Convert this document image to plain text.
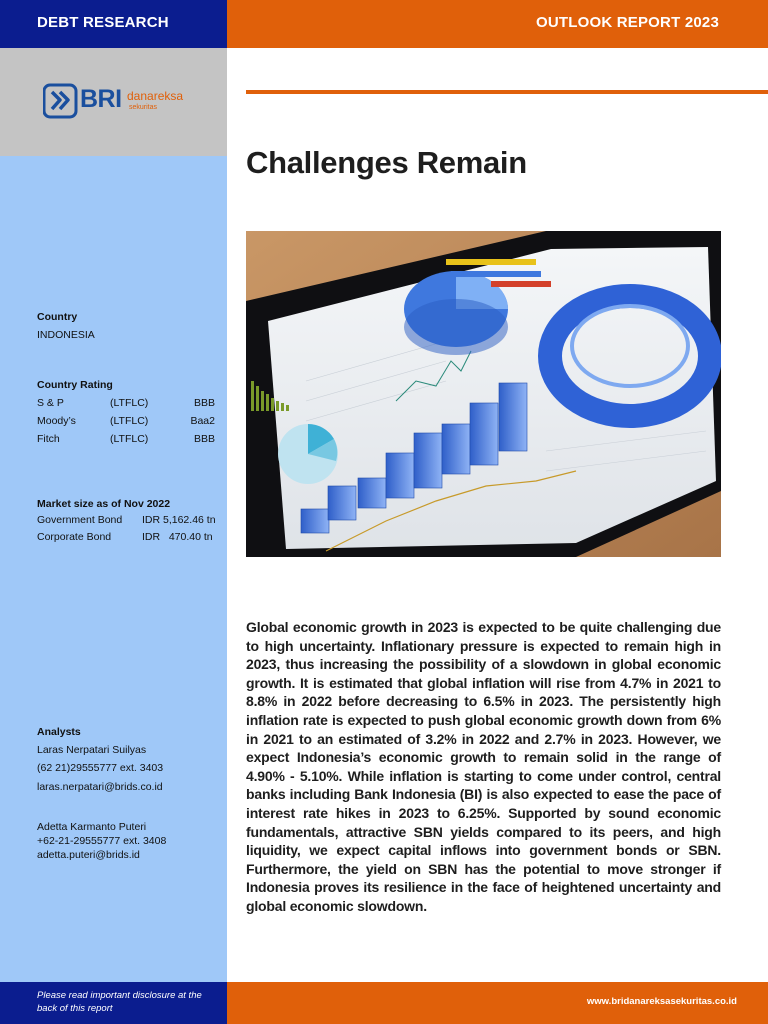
DEBT RESEARCH	OUTLOOK REPORT 2023
BRI danareksa
sekuritas
Challenges Remain
Country
INDONESIA
Country Rating
S & P	(LTFLC)	BBB
Moody’s	(LTFLC)	Baa2
Fitch	(LTFLC)	BBB
Market size as of Nov 2022
Government Bond IDR 5,162.46 tn
Corporate Bond	IDR   470.40 tn
Analysts
Laras Nerpatari Suilyas
(62 21)29555777 ext. 3403
laras.nerpatari@brids.co.id
Adetta Karmanto Puteri
+62-21-29555777 ext. 3408
adetta.puteri@brids.id
Global economic growth in 2023 is expected to be quite challenging due to high uncertainty. Inflationary pressure is expected to remain high in 2023, thus increasing the possibility of a slowdown in global economic growth. It is estimated that global inflation will rise from 4.7% in 2021 to 8.8% in 2022 before decreasing to 6.5% in 2023. The persistently high inflation rate is expected to push global economic growth down from 6% in 2021 to an estimated of 3.2% in 2022 and 2.7% in 2023. However, we expect Indonesia’s economic growth to remain solid in the range of 4.90% - 5.10%. While inflation is starting to come under control, central banks including Bank Indonesia (BI) is also expected to ease the pace of interest rate hikes in 2023 to 6.25%. Supported by sound economic fundamentals, attractive SBN yields compared to its peers, and high liquidity, we expect capital inflows into government bonds or SBN. Furthermore, the yield on SBN has the potential to move stronger if Indonesia proves its resilience in the face of heightened uncertainty and global economic slowdown.
Please read important disclosure at the back of this report
www.bridanareksasekuritas.co.id
